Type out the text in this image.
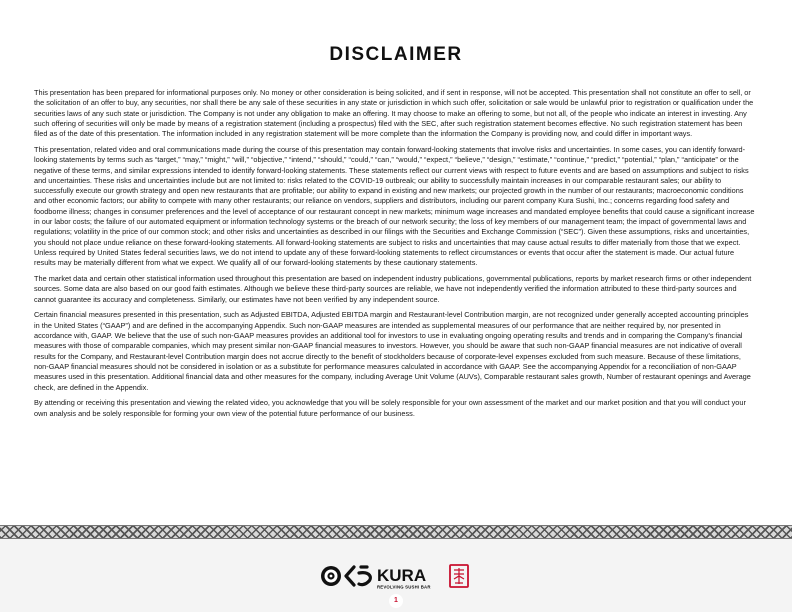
DISCLAIMER

This presentation has been prepared for informational purposes only. No money or other consideration is being solicited, and if sent in response, will not be accepted. This presentation shall not constitute an offer to sell, or the solicitation of an offer to buy, any securities, nor shall there be any sale of these securities in any state or jurisdiction in which such offer, solicitation or sale would be unlawful prior to registration or qualification under the securities laws of any such state or jurisdiction. The Company is not under any obligation to make an offering. It may choose to make an offering to some, but not all, of the people who indicate an interest in investing. Any such offering of securities will only be made by means of a registration statement (including a prospectus) filed with the SEC, after such registration statement becomes effective. No such registration statement has been filed as of the date of this presentation. The information included in any registration statement will be more complete than the information the Company is providing now, and could differ in important ways.

This presentation, related video and oral communications made during the course of this presentation may contain forward-looking statements that involve risks and uncertainties. In some cases, you can identify forward-looking statements by terms such as “target,” “may,” “might,” “will,” “objective,” “intend,” “should,” “could,” “can,” “would,” “expect,” “believe,” “design,” “estimate,” “continue,” “predict,” “potential,” “plan,” “anticipate” or the negative of these terms, and similar expressions intended to identify forward-looking statements. These statements reflect our current views with respect to future events and are based on assumptions and subject to risks and uncertainties. These risks and uncertainties include but are not limited to: risks related to the COVID-19 outbreak; our ability to successfully maintain increases in our comparable restaurant sales; our ability to successfully execute our growth strategy and open new restaurants that are profitable; our ability to expand in existing and new markets; our projected growth in the number of our restaurants; macroeconomic conditions and other economic factors; our ability to compete with many other restaurants; our reliance on vendors, suppliers and distributors, including our parent company Kura Sushi, Inc.; concerns regarding food safety and foodborne illness; changes in consumer preferences and the level of acceptance of our restaurant concept in new markets; minimum wage increases and mandated employee benefits that could cause a significant increase in our labor costs; the failure of our automated equipment or information technology systems or the breach of our network security; the loss of key members of our management team; the impact of governmental laws and regulations; volatility in the price of our common stock; and other risks and uncertainties as described in our filings with the Securities and Exchange Commission (“SEC”). Given these assumptions, risks and uncertainties, you should not place undue reliance on these forward-looking statements. All forward-looking statements are subject to risks and uncertainties that may cause actual results to differ materially from those that we expect. Unless required by United States federal securities laws, we do not intend to update any of these forward-looking statements to reflect circumstances or events that occur after the statement is made. Our actual future results may be materially different from what we expect. We qualify all of our forward-looking statements by these cautionary statements.

The market data and certain other statistical information used throughout this presentation are based on independent industry publications, governmental publications, reports by market research firms or other independent sources. Some data are also based on our good faith estimates. Although we believe these third-party sources are reliable, we have not independently verified the information attributed to these third-party sources and cannot guarantee its accuracy and completeness. Similarly, our estimates have not been verified by any independent source.

Certain financial measures presented in this presentation, such as Adjusted EBITDA, Adjusted EBITDA margin and Restaurant-level Contribution margin, are not recognized under generally accepted accounting principles in the United States (“GAAP”) and are defined in the accompanying Appendix. Such non-GAAP measures are intended as supplemental measures of our performance that are neither required by, nor presented in accordance with, GAAP. We believe that the use of such non-GAAP measures provides an additional tool for investors to use in evaluating ongoing operating results and trends and in comparing the Company’s financial measures with those of comparable companies, which may present similar non-GAAP financial measures to investors. However, you should be aware that such non-GAAP financial measures are not indicative of overall results for the Company, and Restaurant-level Contribution margin does not accrue directly to the benefit of stockholders because of corporate-level expenses excluded from such measure. Because of these limitations, non-GAAP financial measures should not be considered in isolation or as a substitute for performance measures calculated in accordance with GAAP. See the accompanying Appendix for a reconciliation of non-GAAP measures used in this presentation. Additional financial data and other measures for the company, including Average Unit Volume (AUVs), Comparable restaurant sales growth, Number of restaurant openings and Average check, are defined in the Appendix.

By attending or receiving this presentation and viewing the related video, you acknowledge that you will be solely responsible for your own assessment of the market and our market position and that you will conduct your own analysis and be solely responsible for forming your own view of the potential future performance of our business.

KURA
REVOLVING SUSHI BAR
1
